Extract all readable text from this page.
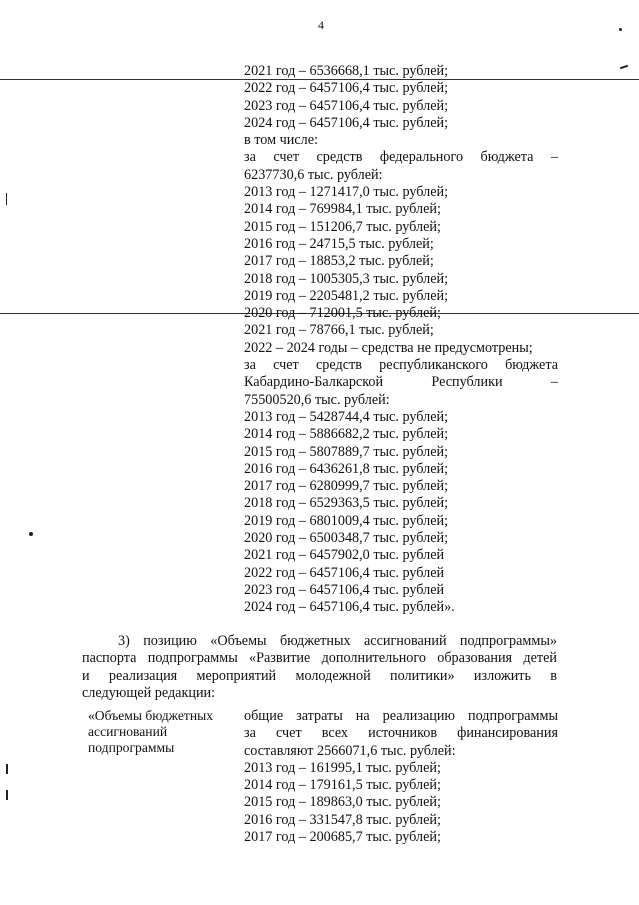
4
2021 год – 6536668,1 тыс. рублей;
2022 год – 6457106,4 тыс. рублей;
2023 год – 6457106,4 тыс. рублей;
2024 год – 6457106,4 тыс. рублей;
в том числе:
за счет средств федерального бюджета –
6237730,6 тыс. рублей:
2013 год – 1271417,0 тыс. рублей;
2014 год – 769984,1 тыс. рублей;
2015 год – 151206,7 тыс. рублей;
2016 год – 24715,5 тыс. рублей;
2017 год – 18853,2 тыс. рублей;
2018 год – 1005305,3 тыс. рублей;
2019 год – 2205481,2 тыс. рублей;
2020 год – 712001,5 тыс. рублей;
2021 год – 78766,1 тыс. рублей;
2022 – 2024 годы – средства не предусмотрены;
за счет средств республиканского бюджета
Кабардино-Балкарской Республики –
75500520,6 тыс. рублей:
2013 год – 5428744,4 тыс. рублей;
2014 год – 5886682,2 тыс. рублей;
2015 год – 5807889,7 тыс. рублей;
2016 год – 6436261,8 тыс. рублей;
2017 год – 6280999,7 тыс. рублей;
2018 год – 6529363,5 тыс. рублей;
2019 год – 6801009,4 тыс. рублей;
2020 год – 6500348,7 тыс. рублей;
2021 год – 6457902,0 тыс. рублей
2022 год – 6457106,4 тыс. рублей
2023 год – 6457106,4 тыс. рублей
2024 год – 6457106,4 тыс. рублей».
3) позицию «Объемы бюджетных ассигнований подпрограммы»
паспорта подпрограммы «Развитие дополнительного образования детей
и реализация мероприятий молодежной политики» изложить в
следующей редакции:
«Объемы бюджетных
ассигнований
подпрограммы
общие затраты на реализацию подпрограммы
за счет всех источников финансирования
составляют 2566071,6 тыс. рублей:
2013 год – 161995,1 тыс. рублей;
2014 год – 179161,5 тыс. рублей;
2015 год – 189863,0 тыс. рублей;
2016 год – 331547,8 тыс. рублей;
2017 год – 200685,7 тыс. рублей;
